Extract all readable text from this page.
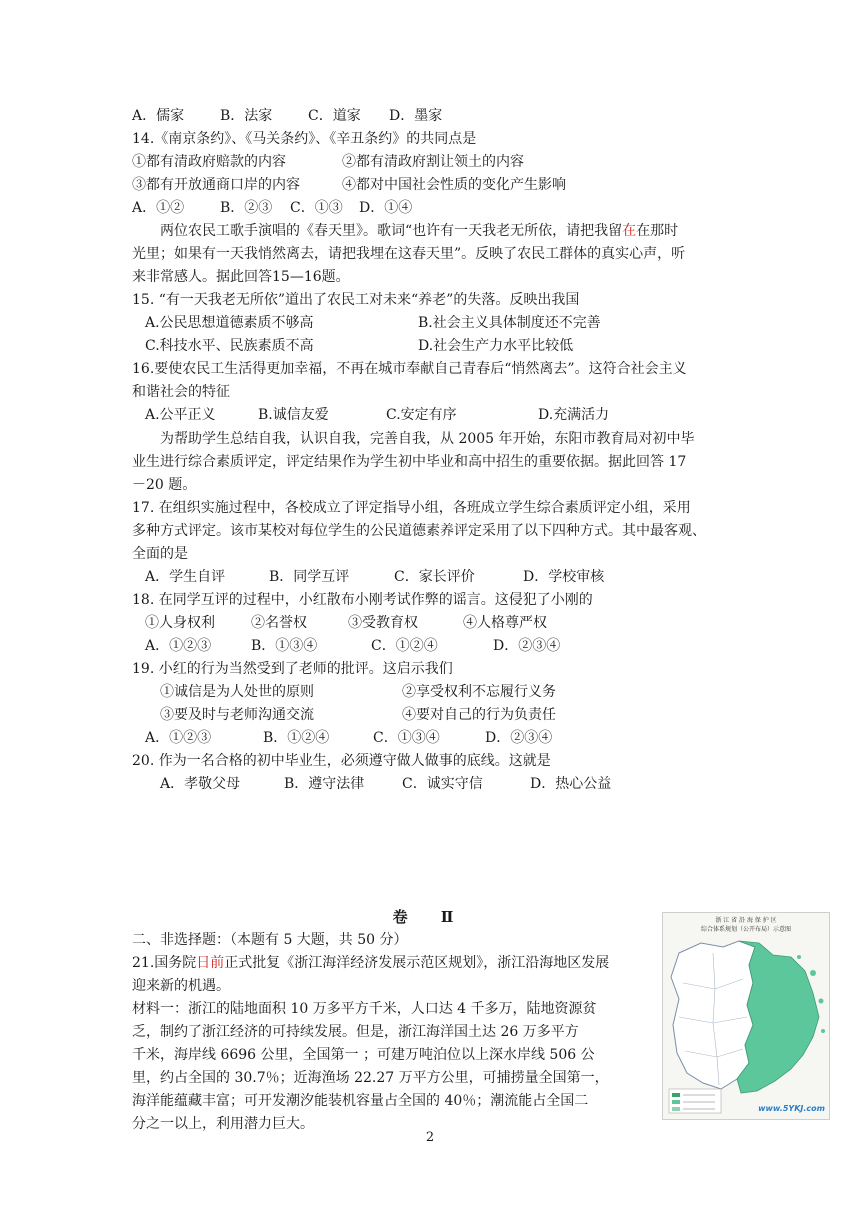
A．儒家	B．法家	C．道家 D．墨家
14.《南京条约》、《马关条约》、《辛丑条约》的共同点是
①都有清政府赔款的内容	②都有清政府割让领土的内容
③都有开放通商口岸的内容	④都对中国社会性质的变化产生影响
A．①②	B．②③ C．①③ D．①④
两位农民工歌手演唱的《春天里》。歌词“也许有一天我老无所依，请把我留在在那时
光里；如果有一天我悄然离去，请把我埋在这春天里”。反映了农民工群体的真实心声，听
来非常感人。据此回答15—16题。
15. “有一天我老无所依”道出了农民工对未来“养老”的失落。反映出我国
A.公民思想道德素质不够高	B.社会主义具体制度还不完善
C.科技水平、民族素质不高	D.社会生产力水平比较低
16.要使农民工生活得更加幸福，不再在城市奉献自己青春后“悄然离去”。这符合社会主义
和谐社会的特征
A.公平正义	B.诚信友爱	C.安定有序	D.充满活力
为帮助学生总结自我，认识自我，完善自我，从 2005 年开始，东阳市教育局对初中毕
业生进行综合素质评定，评定结果作为学生初中毕业和高中招生的重要依据。据此回答 17
－20 题。
17. 在组织实施过程中，各校成立了评定指导小组，各班成立学生综合素质评定小组，采用
多种方式评定。该市某校对每位学生的公民道德素养评定采用了以下四种方式。其中最客观、
全面的是
A．学生自评	B．同学互评	C．家长评价	D．学校审核
18. 在同学互评的过程中，小红散布小刚考试作弊的谣言。这侵犯了小刚的
①人身权利	②名誉权	③受教育权	④人格尊严权
A．①②③	B．①③④	C．①②④	D．②③④
19. 小红的行为当然受到了老师的批评。这启示我们
①诚信是为人处世的原则	②享受权利不忘履行义务
③要及时与老师沟通交流	④要对自己的行为负责任
A．①②③	B．①②④	C．①③④	D．②③④
20. 作为一名合格的初中毕业生，必须遵守做人做事的底线。这就是
A．孝敬父母	B．遵守法律	C．诚实守信	D．热心公益
卷 Ⅱ
二、非选择题：（本题有 5 大题，共 50 分）
21.国务院日前正式批复《浙江海洋经济发展示范区规划》，浙江沿海地区发展
迎来新的机遇。
材料一：浙江的陆地面积 10 万多平方千米，人口达 4 千多万，陆地资源贫
乏，制约了浙江经济的可持续发展。但是，浙江海洋国土达 26 万多平方
千米，海岸线 6696 公里，全国第一 ；可建万吨泊位以上深水岸线 506 公
里，约占全国的 30.7％；近海渔场 22.27 万平方公里，可捕捞量全国第一，
海洋能蕴藏丰富；可开发潮汐能装机容量占全国的 40％；潮流能占全国二
分之一以上，利用潜力巨大。
浙 江 省 沿 海 保 护 区
综合体系规划（公开布局）示意图
www.5YKJ.com
2
